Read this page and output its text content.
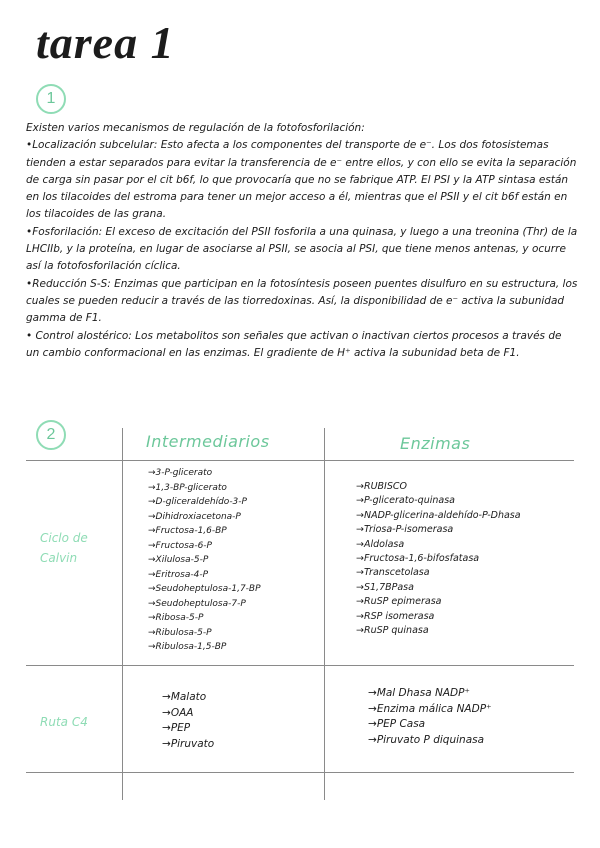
tarea 1
1

Existen varios mecanismos de regulación de la fotofosforilación:

•Localización subcelular: Esto afecta a los componentes del transporte de e⁻. Los dos fotosistemas tienden a estar separados para evitar la transferencia de e⁻ entre ellos, y con ello se evita la separación de carga sin pasar por el cit b6f, lo que provocaría que no se fabrique ATP. El PSI y la ATP sintasa están en los tilacoides del estroma para tener un mejor acceso a él, mientras que el PSII y el cit b6f están en los tilacoides de las grana.

•Fosforilación: El exceso de excitación del PSII fosforila a una quinasa, y luego a una treonina (Thr) de la LHCIIb, y la proteína, en lugar de asociarse al PSII, se asocia al PSI, que tiene menos antenas, y ocurre así la fotofosforilación cíclica.

•Reducción S-S: Enzimas que participan en la fotosíntesis poseen puentes disulfuro en su estructura, los cuales se pueden reducir a través de las tiorredoxinas. Así, la disponibilidad de e⁻ activa la subunidad gamma de F1.

• Control alostérico: Los metabolitos son señales que activan o inactivan ciertos procesos a través de un cambio conformacional en las enzimas. El gradiente de H⁺ activa la subunidad beta de F1.

2	Intermediarios	Enzimas
Ciclo de
Calvin
→ 3-P-glicerato
→ 1,3-BP-glicerato
→ D-gliceraldehído-3-P
→ Dihidroxiacetona-P
→ Fructosa-1,6-BP
→ Fructosa-6-P
→ Xilulosa-5-P
→ Eritrosa-4-P
→ Seudoheptulosa-1,7-BP
→ Seudoheptulosa-7-P
→ Ribosa-5-P
→ Ribulosa-5-P
→ Ribulosa-1,5-BP
→ RUBISCO
→ P-glicerato-quinasa
→ NADP-glicerina-aldehído-P-Dhasa
→ Triosa-P-isomerasa
→ Aldolasa
→ Fructosa-1,6-bifosfatasa
→ Transcetolasa
→ S1,7BPasa
→ RuSP epimerasa
→ RSP isomerasa
→ RuSP quinasa
Ruta C4
→ Malato
→ OAA
→ PEP
→ Piruvato
→ Mal Dhasa NADP⁺
→ Enzima málica NADP⁺
→ PEP Casa
→ Piruvato P diquinasa
